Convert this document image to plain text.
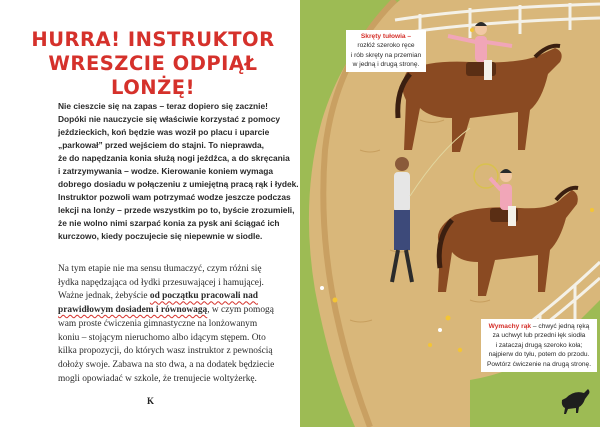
HURRA! INSTRUKTOR
WRESZCIE ODPIĄŁ
LONŻĘ!
Nie cieszcie się na zapas – teraz dopiero się zacznie!
Dopóki nie nauczycie się właściwie korzystać z pomocy
jeździeckich, koń będzie was woził po placu i uparcie
„parkował” przed wejściem do stajni. To nieprawda,
że do napędzania konia służą nogi jeźdźca, a do skręcania
i zatrzymywania – wodze. Kierowanie koniem wymaga
dobrego dosiadu w połączeniu z umiejętną pracą rąk i łydek.
Instruktor pozwoli wam potrzymać wodze jeszcze podczas
lekcji na lonży – przede wszystkim po to, byście zrozumieli,
że nie wolno nimi szarpać konia za pysk ani ściągać ich
kurczowo, kiedy poczujecie się niepewnie w siodle.
Na tym etapie nie ma sensu tłumaczyć, czym różni się
łydka napędzająca od łydki przesuwającej i hamującej.
Ważne jednak, żebyście od początku pracowali nad
prawidłowym dosiadem i równowagą, w czym pomogą
wam proste ćwiczenia gimnastyczne na lonżowanym
koniu – stojącym nieruchomo albo idącym stępem. Oto
kilka propozycji, do których wasz instruktor z pewnością
dołoży swoje. Zabawa na sto dwa, a na dodatek będziecie
mogli opowiadać w szkole, że trenujecie woltyżerkę.
K
Skręty tułowia –
rozłóż szeroko ręce
i rób skręty na przemian
w jedną i drugą stronę.
Wymachy rąk – chwyć jedną ręką
za uchwyt lub przedni łęk siodła
i zataczaj drugą szeroko koła;
najpierw do tyłu, potem do przodu.
Powtórz ćwiczenie na drugą stronę.
